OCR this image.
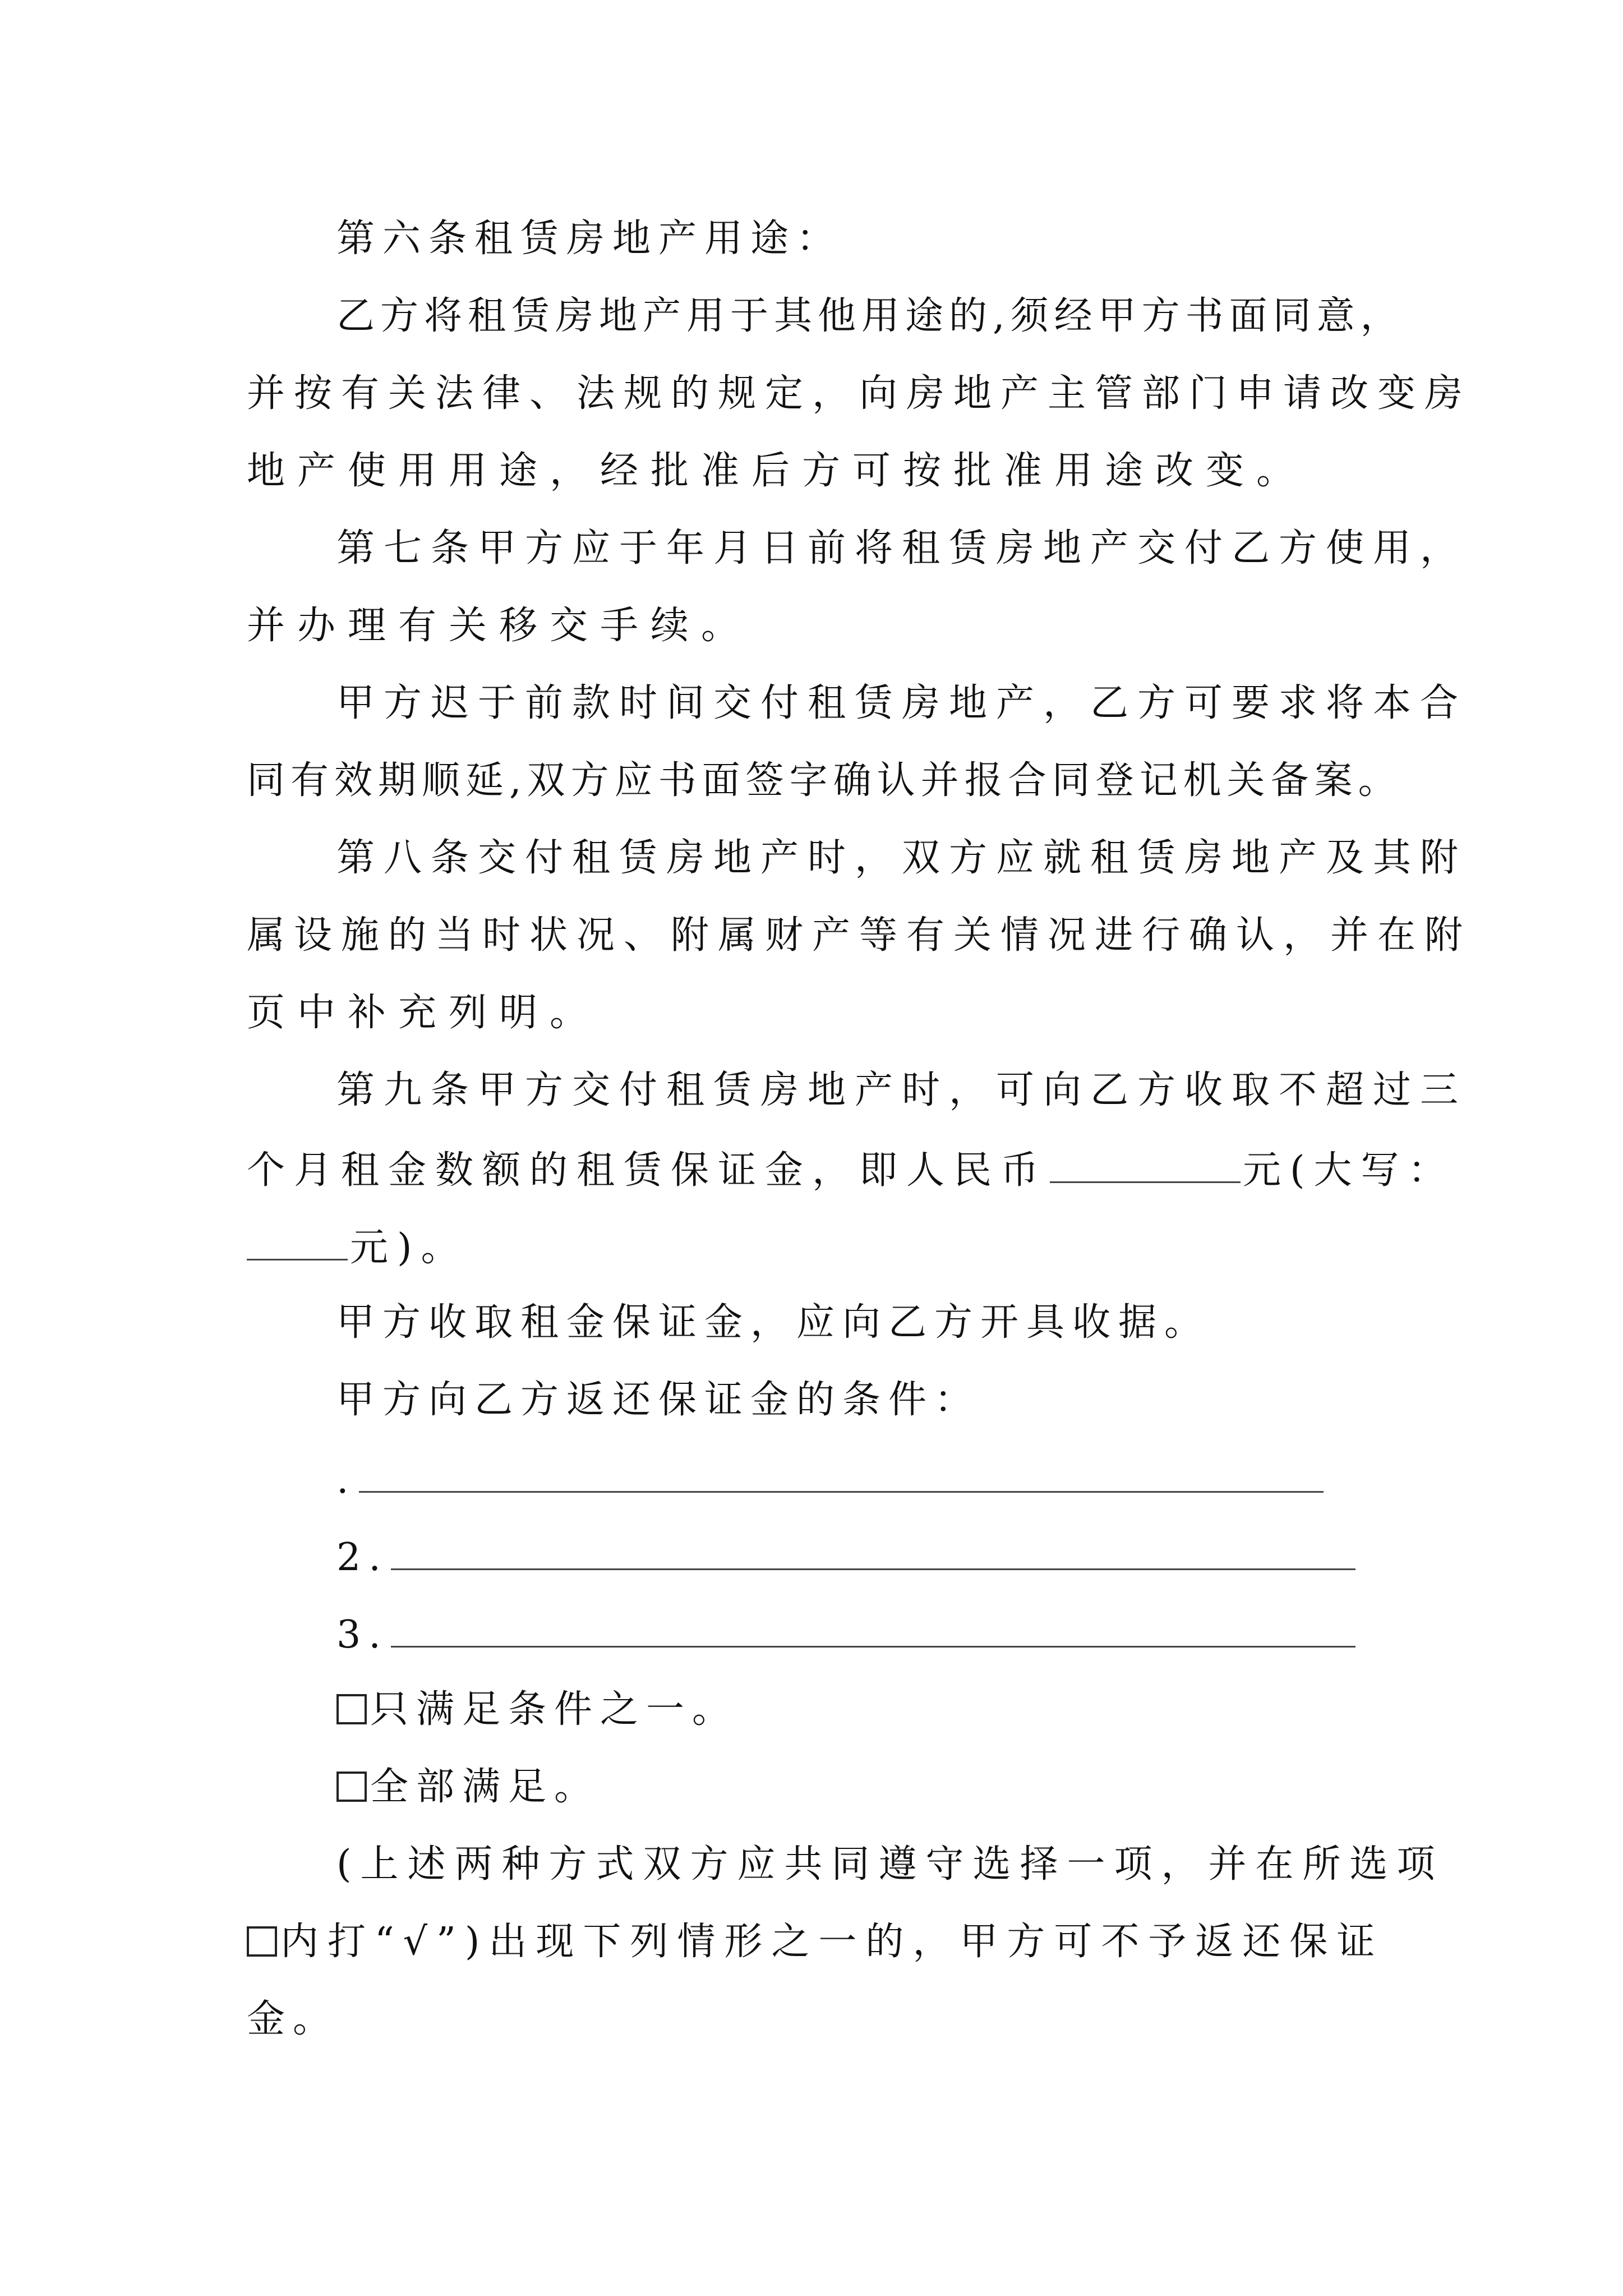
第六条租赁房地产用途：
乙方将租赁房地产用于其他用途的,须经甲方书面同意，
并按有关法律、法规的规定，向房地产主管部门申请改变房
地产使用用途，经批准后方可按批准用途改变。
第七条甲方应于年月日前将租赁房地产交付乙方使用，
并办理有关移交手续。
甲方迟于前款时间交付租赁房地产，乙方可要求将本合
同有效期顺延,双方应书面签字确认并报合同登记机关备案。
第八条交付租赁房地产时，双方应就租赁房地产及其附
属设施的当时状况、附属财产等有关情况进行确认，并在附
页中补充列明。
第九条甲方交付租赁房地产时，可向乙方收取不超过三
个月租金数额的租赁保证金，即人民币	元(大写：
元)。
甲方收取租金保证金，应向乙方开具收据。
甲方向乙方返还保证金的条件：
.
2.
3.
只满足条件之一。
全部满足。
(上述两种方式双方应共同遵守选择一项，并在所选项
内打“√”)出现下列情形之一的，甲方可不予返还保证
金。
